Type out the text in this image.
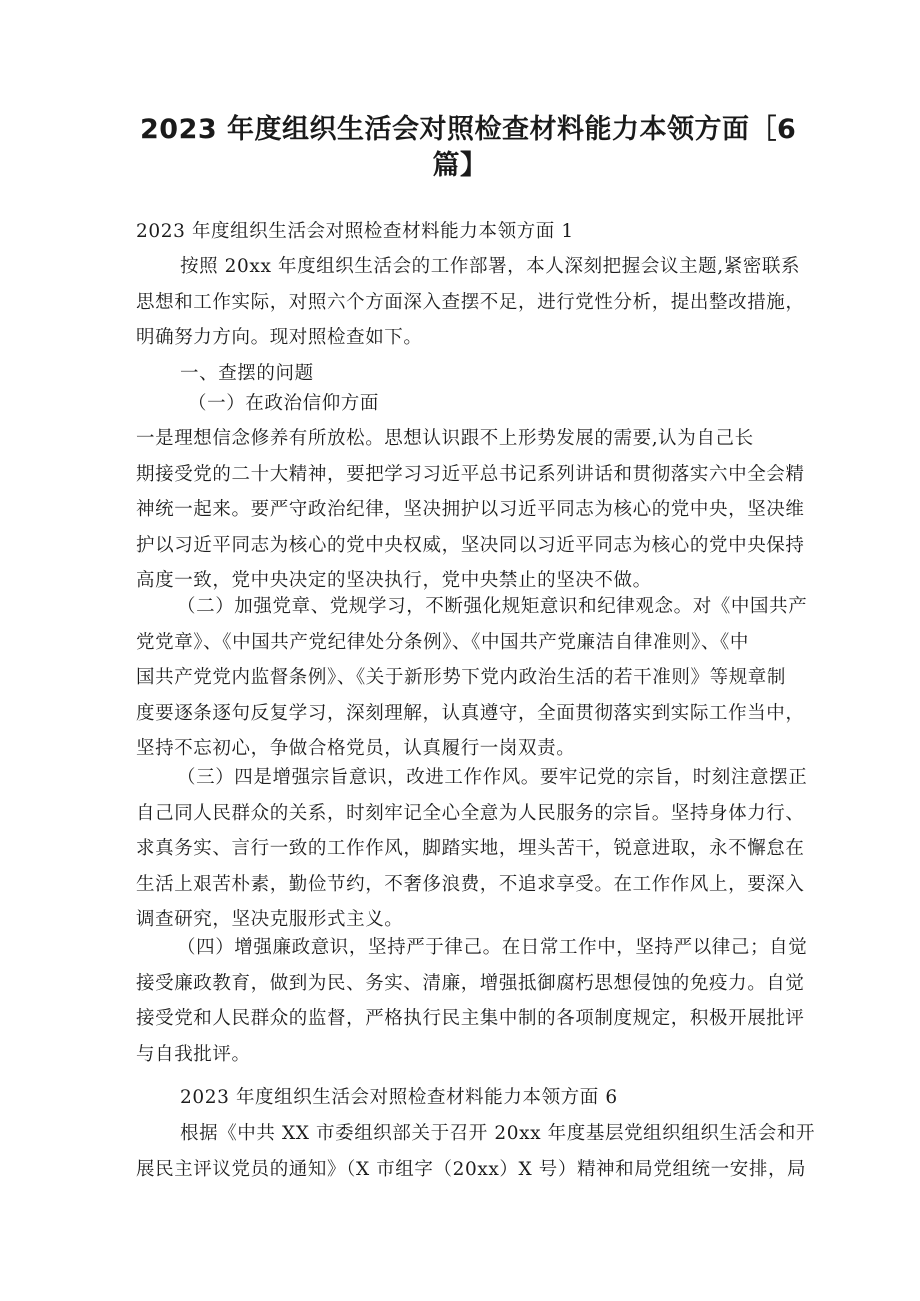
2023 年度组织生活会对照检查材料能力本领方面［6
篇】
2023 年度组织生活会对照检查材料能力本领方面 1
按照 20xx 年度组织生活会的工作部署，本人深刻把握会议主题,紧密联系
思想和工作实际，对照六个方面深入查摆不足，进行党性分析，提出整改措施，
明确努力方向。现对照检查如下。
一、查摆的问题
（一）在政治信仰方面
一是理想信念修养有所放松。思想认识跟不上形势发展的需要,认为自己长
期接受党的二十大精神，要把学习习近平总书记系列讲话和贯彻落实六中全会精
神统一起来。要严守政治纪律，坚决拥护以习近平同志为核心的党中央，坚决维
护以习近平同志为核心的党中央权威，坚决同以习近平同志为核心的党中央保持
高度一致，党中央决定的坚决执行，党中央禁止的坚决不做。
（二）加强党章、党规学习，不断强化规矩意识和纪律观念。对《中国共产
党党章》、《中国共产党纪律处分条例》、《中国共产党廉洁自律准则》、《中
国共产党党内监督条例》、《关于新形势下党内政治生活的若干准则》等规章制
度要逐条逐句反复学习，深刻理解，认真遵守，全面贯彻落实到实际工作当中，
坚持不忘初心，争做合格党员，认真履行一岗双责。
（三）四是增强宗旨意识，改进工作作风。要牢记党的宗旨，时刻注意摆正
自己同人民群众的关系，时刻牢记全心全意为人民服务的宗旨。坚持身体力行、
求真务实、言行一致的工作作风，脚踏实地，埋头苦干，锐意进取，永不懈怠在
生活上艰苦朴素，勤俭节约，不奢侈浪费，不追求享受。在工作作风上，要深入
调查研究，坚决克服形式主义。
（四）增强廉政意识，坚持严于律己。在日常工作中，坚持严以律己；自觉
接受廉政教育，做到为民、务实、清廉，增强抵御腐朽思想侵蚀的免疫力。自觉
接受党和人民群众的监督，严格执行民主集中制的各项制度规定，积极开展批评
与自我批评。
2023 年度组织生活会对照检查材料能力本领方面 6
根据《中共 XX 市委组织部关于召开 20xx 年度基层党组织组织生活会和开
展民主评议党员的通知》（X 市组字（20xx）X 号）精神和局党组统一安排，局
